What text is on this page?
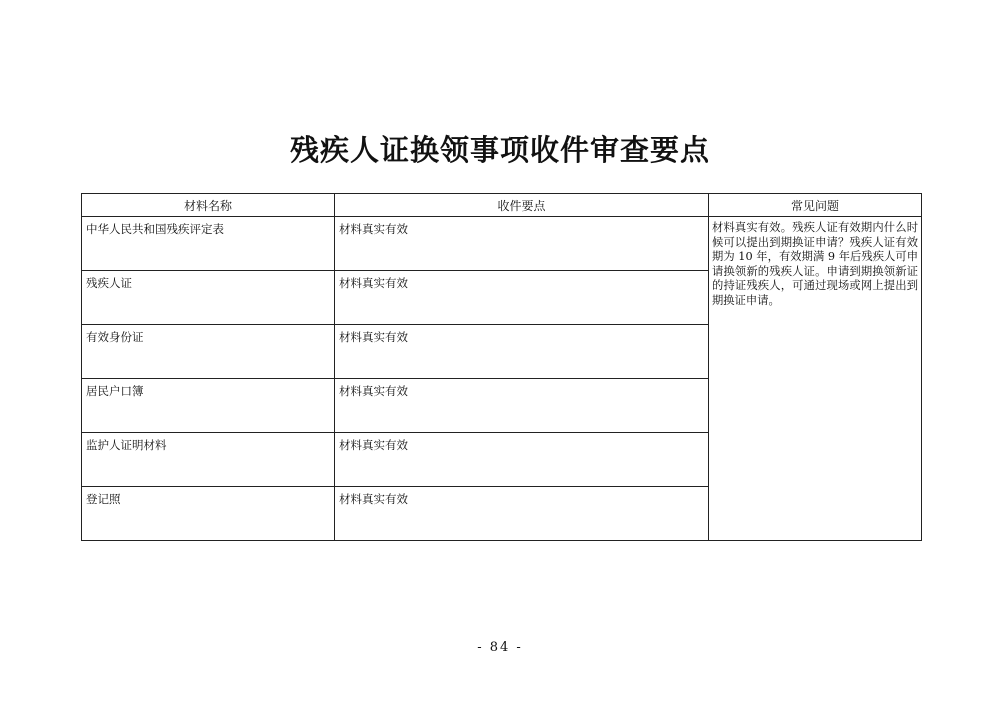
残疾人证换领事项收件审查要点
材料名称	收件要点	常见问题

中华人民共和国残疾评定表	材料真实有效	材料真实有效。残疾人证有效期内什么时候可以提出到期换证申请？残疾人证有效期为 10 年，有效期满 9 年后残疾人可申请换领新的残疾人证。申请到期换领新证的持证残疾人，可通过现场或网上提出到期换证申请。

残疾人证	材料真实有效	

有效身份证	材料真实有效	

居民户口簿	材料真实有效	

监护人证明材料	材料真实有效	

登记照	材料真实有效	
- 84 -
